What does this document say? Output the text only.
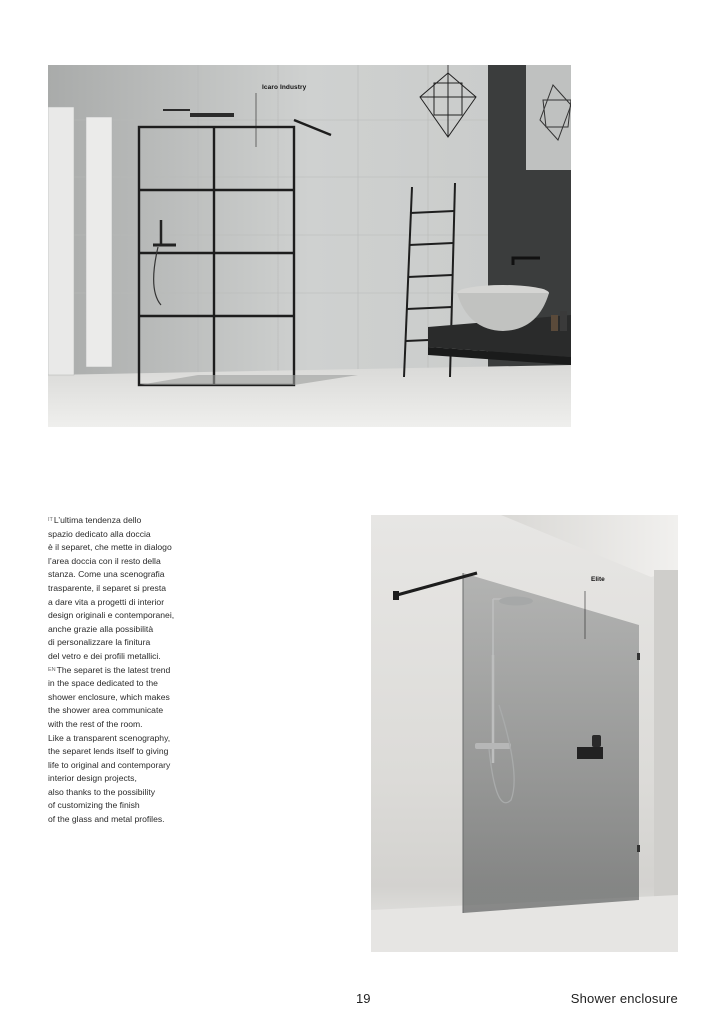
Icaro Industry

$^{IT}$L’ultima tendenza dello

spazio dedicato alla doccia

è il separet, che mette in dialogo

l’area doccia con il resto della

stanza. Come una scenografia

trasparente, il separet si presta

a dare vita a progetti di interior

design originali e contemporanei,

anche grazie alla possibilità

di personalizzare la finitura

del vetro e dei profili metallici.

$^{EN}$The separet is the latest trend

in the space dedicated to the

shower enclosure, which makes

the shower area communicate

with the rest of the room.

Like a transparent scenography,

the separet lends itself to giving

life to original and contemporary

interior design projects,

also thanks to the possibility

of customizing the finish

of the glass and metal profiles.

Elite
19	Shower enclosure
